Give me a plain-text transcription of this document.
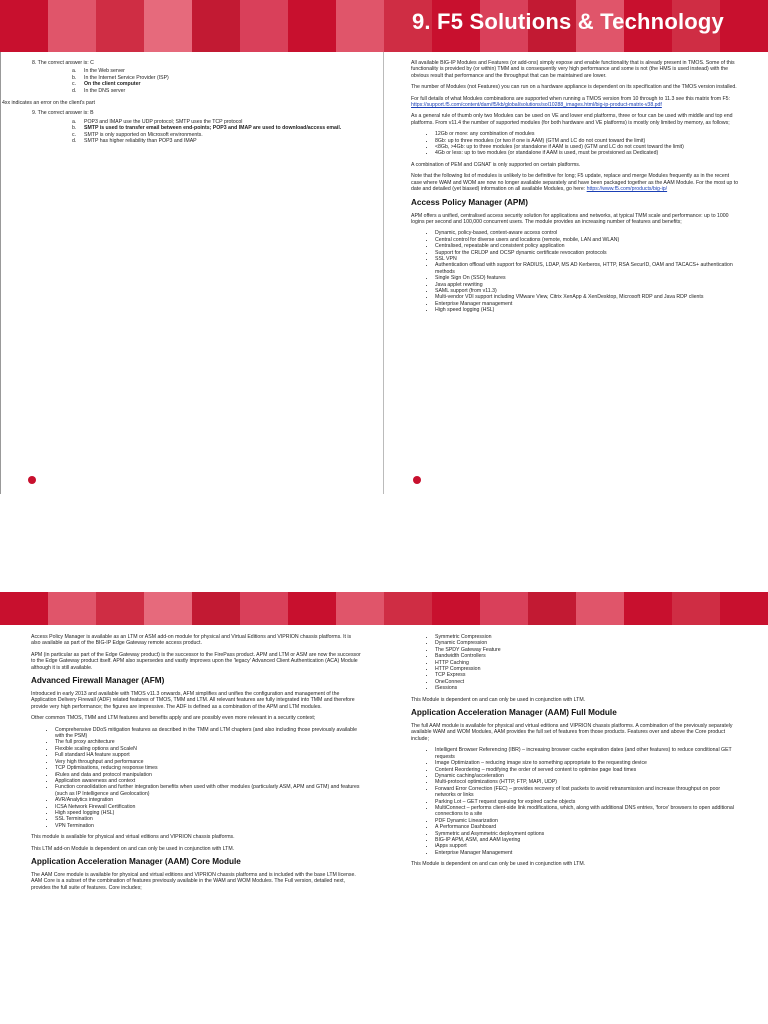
9. F5 Solutions & Technology
8. The correct answer is: C
a.	In the Web server
b.	In the Internet Service Provider (ISP)
c.	On the client computer
d.	In the DNS server
4xx indicates an error on the client's part
9. The correct answer is: B
a.	POP3 and IMAP use the UDP protocol; SMTP uses the TCP protocol
b.	SMTP is used to transfer email between end-points; POP3 and IMAP are used to download/access email.
c.	SMTP is only supported on Microsoft environments.
d.	SMTP has higher reliability than POP3 and IMAP

All available BIG-IP Modules and Features (or add-ons) simply expose and enable functionality that is already present in TMOS. Some of this functionality is provided by (or within) TMM and is consequently very high performance and some is not (the HMS is used instead) with the obvious result that performance and the throughput that can be maintained are lower.

The number of Modules (not Features) you can run on a hardware appliance is dependent on its specification and the TMOS version installed.

For full details of what Modules combinations are supported when running a TMOS version from 10 through to 11.3 see this matrix from F5: https://support.f5.com/content/dam/f5/kb/global/solutions/sol10288_images.html/big-ip-product-matrix-v38.pdf

As a general rule of thumb only two Modules can be used on VE and lower end platforms, three or four can be used with middle and top end platforms. From v11.4 the number of supported modules (for both hardware and VE platforms) is mostly only limited by memory, as follows;

• 12Gb or more: any combination of modules
• 8Gb: up to three modules (or two if one is AAM) (GTM and LC do not count toward the limit)
• <8Gb, >4Gb: up to three modules (or standalone if AAM is used) (GTM and LC do not count toward the limit)
• 4Gb or less: up to two modules (or standalone if AAM is used, must be provisioned as Dedicated)

A combination of PEM and CGNAT is only supported on certain platforms.

Note that the following list of modules is unlikely to be definitive for long; F5 update, replace and merge Modules frequently as in the recent case where WAM and WOM are now no longer available separately and have been packaged together as the AAM Module. For the most up to date and detailed (yet biased) information on all available Modules, go here: https://www.f5.com/products/big-ip/

Access Policy Manager (APM)

APM offers a unified, centralised access security solution for applications and networks, at typical TMM scale and performance: up to 1000 logins per second and 100,000 concurrent users. The module provides an increasing number of features and benefits;

• Dynamic, policy-based, context-aware access control
• Central control for diverse users and locations (remote, mobile, LAN and WLAN)
• Centralised, repeatable and consistent policy application
• Support for the CRLDP and OCSP dynamic certificate revocation protocols
• SSL VPN
• Authentication offload with support for RADIUS, LDAP, MS AD Kerberos, HTTP, RSA SecurID, OAM and TACACS+ authentication methods
• Single Sign On (SSO) features
• Java applet rewriting
• SAML support (from v11.3)
• Multi-vendor VDI support including VMware View, Citrix XenApp & XenDesktop, Microsoft RDP and Java RDP clients
• Enterprise Manager management
• High speed logging (HSL)

Access Policy Manager is available as an LTM or ASM add-on module for physical and Virtual Editions and VIPRION chassis platforms. It is also available as part of the BIG-IP Edge Gateway remote access product.

APM (in particular as part of the Edge Gateway product) is the successor to the FirePass product. APM and LTM or ASM are now the successor to the Edge Gateway product itself. APM also supersedes and vastly improves upon the 'legacy' Advanced Client Authentication (ACA) Module although it is still available.

Advanced Firewall Manager (AFM)

Introduced in early 2013 and available with TMOS v11.3 onwards, AFM simplifies and unifies the configuration and management of the Application Delivery Firewall (ADF) related features of TMOS, TMM and LTM. All relevant features are fully integrated into TMM and therefore provide very high performance; the figures are impressive. The ADF is defined as a combination of the APM and LTM modules.

Other common TMOS, TMM and LTM features and benefits apply and are possibly even more relevant in a security context;

• Comprehensive DDoS mitigation features as described in the TMM and LTM chapters (and also including those previously available with the PSM)
• The full proxy architecture
• Flexible scaling options and ScaleN
• Full standard HA feature support
• Very high throughput and performance
• TCP Optimisations, reducing response times
• iRules and data and protocol manipulation
• Application awareness and context
• Function consolidation and further integration benefits when used with other modules (particularly ASM, APM and GTM) and features (such as IP Intelligence and Geolocation)
• AVR/Analytics integration
• ICSA Network Firewall Certification
• High speed logging (HSL)
• SSL Termination
• VPN Termination

This module is available for physical and virtual editions and VIPRION chassis platforms.

This LTM add-on Module is dependent on and can only be used in conjunction with LTM.

Application Acceleration Manager (AAM) Core Module

The AAM Core module is available for physical and virtual editions and VIPRION chassis platforms and is included with the base LTM license. AAM Core is a subset of the combination of features previously available in the WAM and WOM Modules. The Full version, detailed next, provides the full suite of features. Core includes;

• Symmetric Compression
• Dynamic Compression
• The SPDY Gateway Feature
• Bandwidth Controllers
• HTTP Caching
• HTTP Compression
• TCP Express
• OneConnect
• iSessions

This Module is dependent on and can only be used in conjunction with LTM.

Application Acceleration Manager (AAM) Full Module

The full AAM module is available for physical and virtual editions and VIPRION chassis platforms. A combination of the previously separately available WAM and WOM Modules, AAM provides the full set of features from those products. Features over and above the Core product include;

• Intelligent Browser Referencing (IBR) – increasing browser cache expiration dates (and other features) to reduce conditional GET requests
• Image Optimization – reducing image size to something appropriate to the requesting device
• Content Reordering – modifying the order of served content to optimise page load times
• Dynamic caching/acceleration
• Multi-protocol optimizations (HTTP, FTP, MAPI, UDP)
• Forward Error Correction (FEC) – provides recovery of lost packets to avoid retransmission and increase throughput on poor networks or links
• Parking Lot – GET request queuing for expired cache objects
• MultiConnect – performs client-side link modifications, which, along with additional DNS entries, 'force' browsers to open additional connections to a site
• PDF Dynamic Linearization
• A Performance Dashboard
• Symmetric and Asymmetric deployment options
• BIG-IP APM, ASM, and AAM layering
• iApps support
• Enterprise Manager Management

This Module is dependent on and can only be used in conjunction with LTM.
